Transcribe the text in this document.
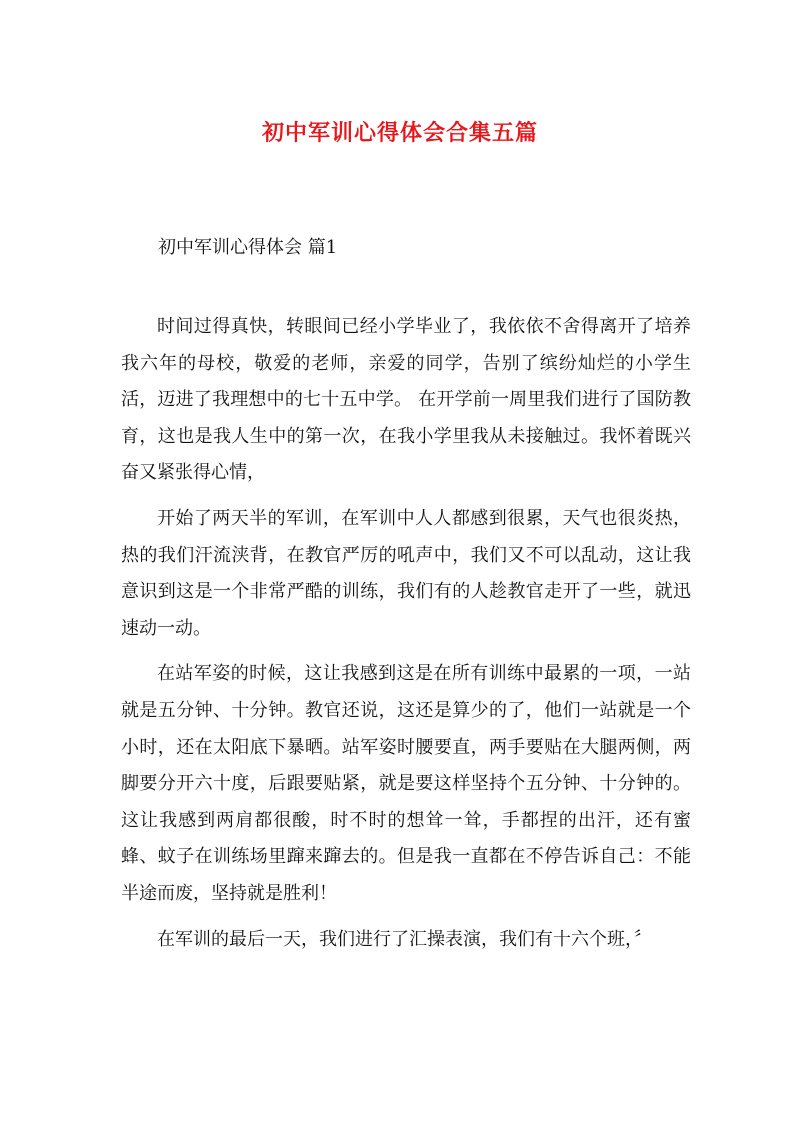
初中军训心得体会合集五篇
初中军训心得体会 篇1

时间过得真快，转眼间已经小学毕业了，我依依不舍得离开了培养我六年的母校，敬爱的老师，亲爱的同学，告别了缤纷灿烂的小学生活，迈进了我理想中的七十五中学。 在开学前一周里我们进行了国防教育，这也是我人生中的第一次，在我小学里我从未接触过。我怀着既兴奋又紧张得心情，

开始了两天半的军训，在军训中人人都感到很累，天气也很炎热，热的我们汗流浃背，在教官严厉的吼声中，我们又不可以乱动，这让我意识到这是一个非常严酷的训练，我们有的人趁教官走开了一些，就迅速动一动。

在站军姿的时候，这让我感到这是在所有训练中最累的一项，一站就是五分钟、十分钟。教官还说，这还是算少的了，他们一站就是一个小时，还在太阳底下暴晒。站军姿时腰要直，两手要贴在大腿两侧，两脚要分开六十度，后跟要贴紧，就是要这样坚持个五分钟、十分钟的。这让我感到两肩都很酸，时不时的想耸一耸，手都捏的出汗，还有蜜蜂、蚊子在训练场里蹿来蹿去的。但是我一直都在不停告诉自己：不能半途而废，坚持就是胜利！

在军训的最后一天，我们进行了汇操表演，我们有十六个班，〞
